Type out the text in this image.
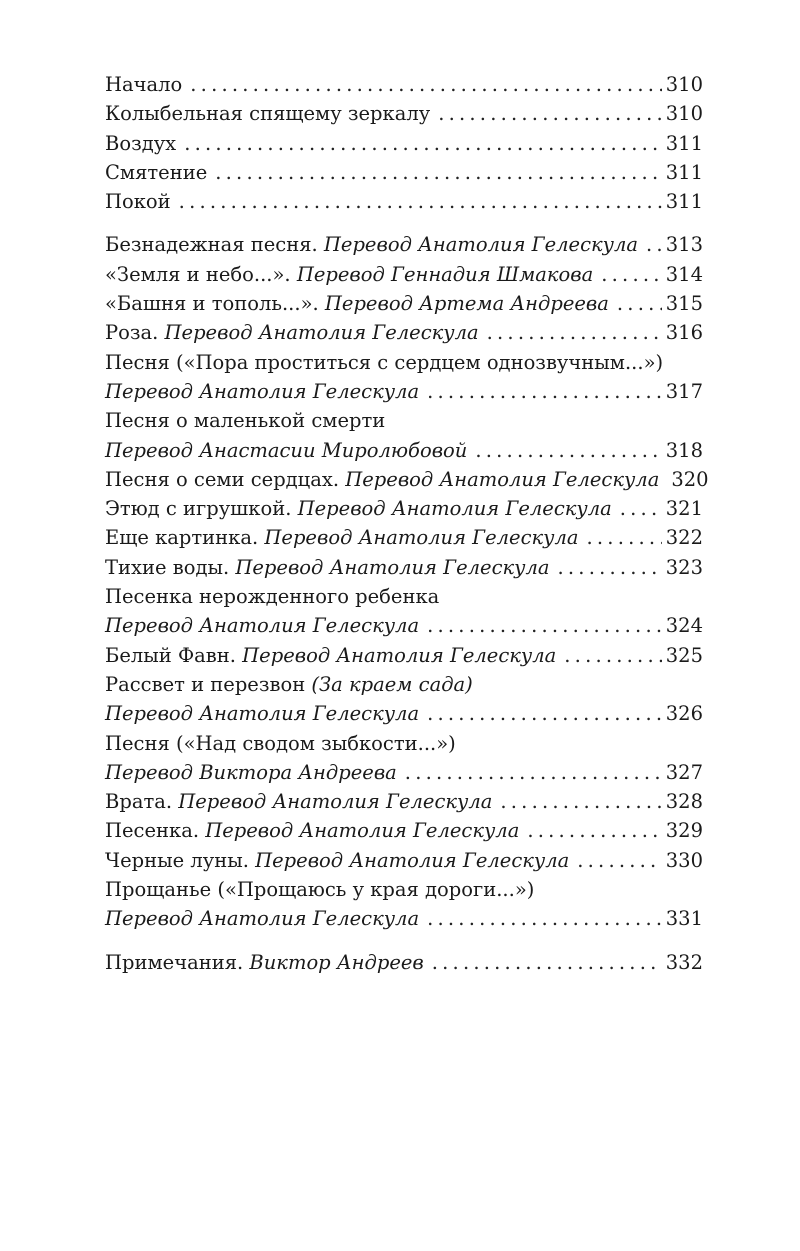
Начало . . .	310
Колыбельная спящему зеркалу . . .	310
Воздух . . .	311
Смятение . . .	311
Покой . . .	311
Безнадежная песня. Перевод Анатолия Гелескула . . . 313
«Земля и небо...». Перевод Геннадия Шмакова . . .	314
«Башня и тополь...». Перевод Артема Андреева . . .	315
Роза. Перевод Анатолия Гелескула . . .	316
Песня («Пора проститься с сердцем однозвучным...»)
Перевод Анатолия Гелескула . . .	317
Песня о маленькой смерти
Перевод Анастасии Миролюбовой . . .	318
Песня о семи сердцах. Перевод Анатолия Гелескула 320
Этюд с игрушкой. Перевод Анатолия Гелескула . . .	321
Еще картинка. Перевод Анатолия Гелескула . . .	322
Тихие воды. Перевод Анатолия Гелескула . . .	323
Песенка нерожденного ребенка
Перевод Анатолия Гелескула . . .	324
Белый Фавн. Перевод Анатолия Гелескула . . .	325
Рассвет и перезвон (За краем сада)
Перевод Анатолия Гелескула . . .	326
Песня («Над сводом зыбкости...»)
Перевод Виктора Андреева . . .	327
Врата. Перевод Анатолия Гелескула . . .	328
Песенка. Перевод Анатолия Гелескула . . .	329
Черные луны. Перевод Анатолия Гелескула . . .	330
Прощанье («Прощаюсь у края дороги...»)
Перевод Анатолия Гелескула . . .	331
Примечания. Виктор Андреев . . .	332
